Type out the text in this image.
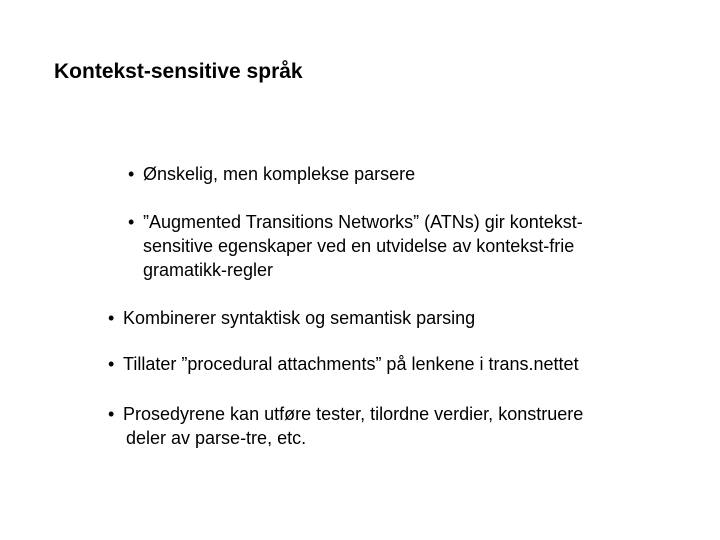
Kontekst-sensitive språk
• Ønskelig, men komplekse parsere
• ”Augmented Transitions Networks” (ATNs) gir kontekst-
sensitive egenskaper ved en utvidelse av kontekst-frie
gramatikk-regler
• Kombinerer syntaktisk og semantisk parsing
• Tillater ”procedural attachments” på lenkene i trans.nettet
• Prosedyrene kan utføre tester, tilordne verdier, konstruere
deler av parse-tre, etc.
